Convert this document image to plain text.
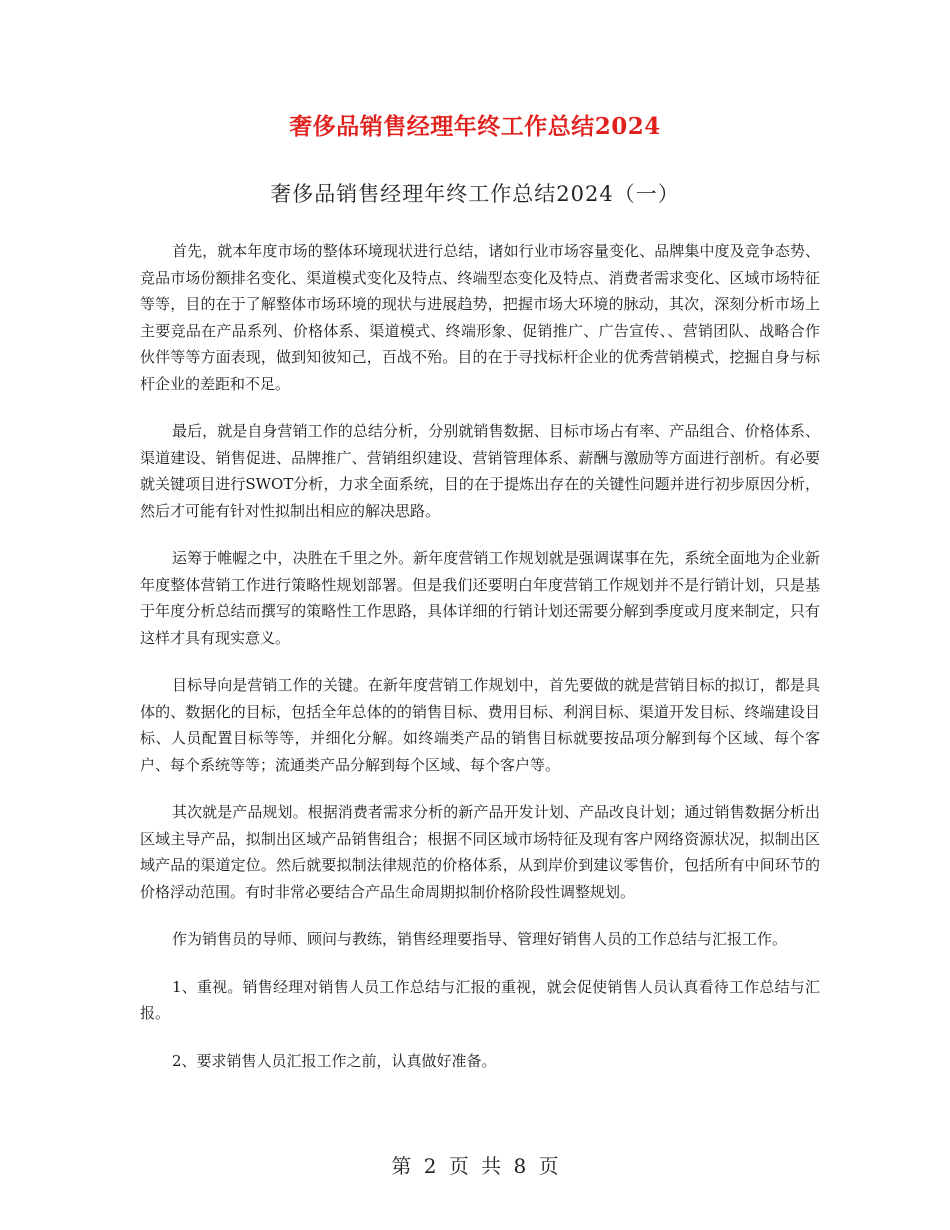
奢侈品销售经理年终工作总结2024
奢侈品销售经理年终工作总结2024（一）

首先，就本年度市场的整体环境现状进行总结，诸如行业市场容量变化、品牌集中度及竞争态势、竞品市场份额排名变化、渠道模式变化及特点、终端型态变化及特点、消费者需求变化、区域市场特征等等，目的在于了解整体市场环境的现状与进展趋势，把握市场大环境的脉动，其次，深刻分析市场上主要竞品在产品系列、价格体系、渠道模式、终端形象、促销推广、广告宣传、、营销团队、战略合作伙伴等等方面表现，做到知彼知己，百战不殆。目的在于寻找标杆企业的优秀营销模式，挖掘自身与标杆企业的差距和不足。

最后，就是自身营销工作的总结分析，分别就销售数据、目标市场占有率、产品组合、价格体系、渠道建设、销售促进、品牌推广、营销组织建设、营销管理体系、薪酬与激励等方面进行剖析。有必要就关键项目进行SWOT分析，力求全面系统，目的在于提炼出存在的关键性问题并进行初步原因分析，然后才可能有针对性拟制出相应的解决思路。

运筹于帷幄之中，决胜在千里之外。新年度营销工作规划就是强调谋事在先，系统全面地为企业新年度整体营销工作进行策略性规划部署。但是我们还要明白年度营销工作规划并不是行销计划，只是基于年度分析总结而撰写的策略性工作思路，具体详细的行销计划还需要分解到季度或月度来制定，只有这样才具有现实意义。

目标导向是营销工作的关键。在新年度营销工作规划中，首先要做的就是营销目标的拟订，都是具体的、数据化的目标，包括全年总体的的销售目标、费用目标、利润目标、渠道开发目标、终端建设目标、人员配置目标等等，并细化分解。如终端类产品的销售目标就要按品项分解到每个区域、每个客户、每个系统等等；流通类产品分解到每个区域、每个客户等。

其次就是产品规划。根据消费者需求分析的新产品开发计划、产品改良计划；通过销售数据分析出区域主导产品，拟制出区域产品销售组合；根据不同区域市场特征及现有客户网络资源状况，拟制出区域产品的渠道定位。然后就要拟制法律规范的价格体系，从到岸价到建议零售价，包括所有中间环节的价格浮动范围。有时非常必要结合产品生命周期拟制价格阶段性调整规划。

作为销售员的导师、顾问与教练，销售经理要指导、管理好销售人员的工作总结与汇报工作。

1、重视。销售经理对销售人员工作总结与汇报的重视，就会促使销售人员认真看待工作总结与汇报。

2、要求销售人员汇报工作之前，认真做好准备。

第 2 页 共 8 页
